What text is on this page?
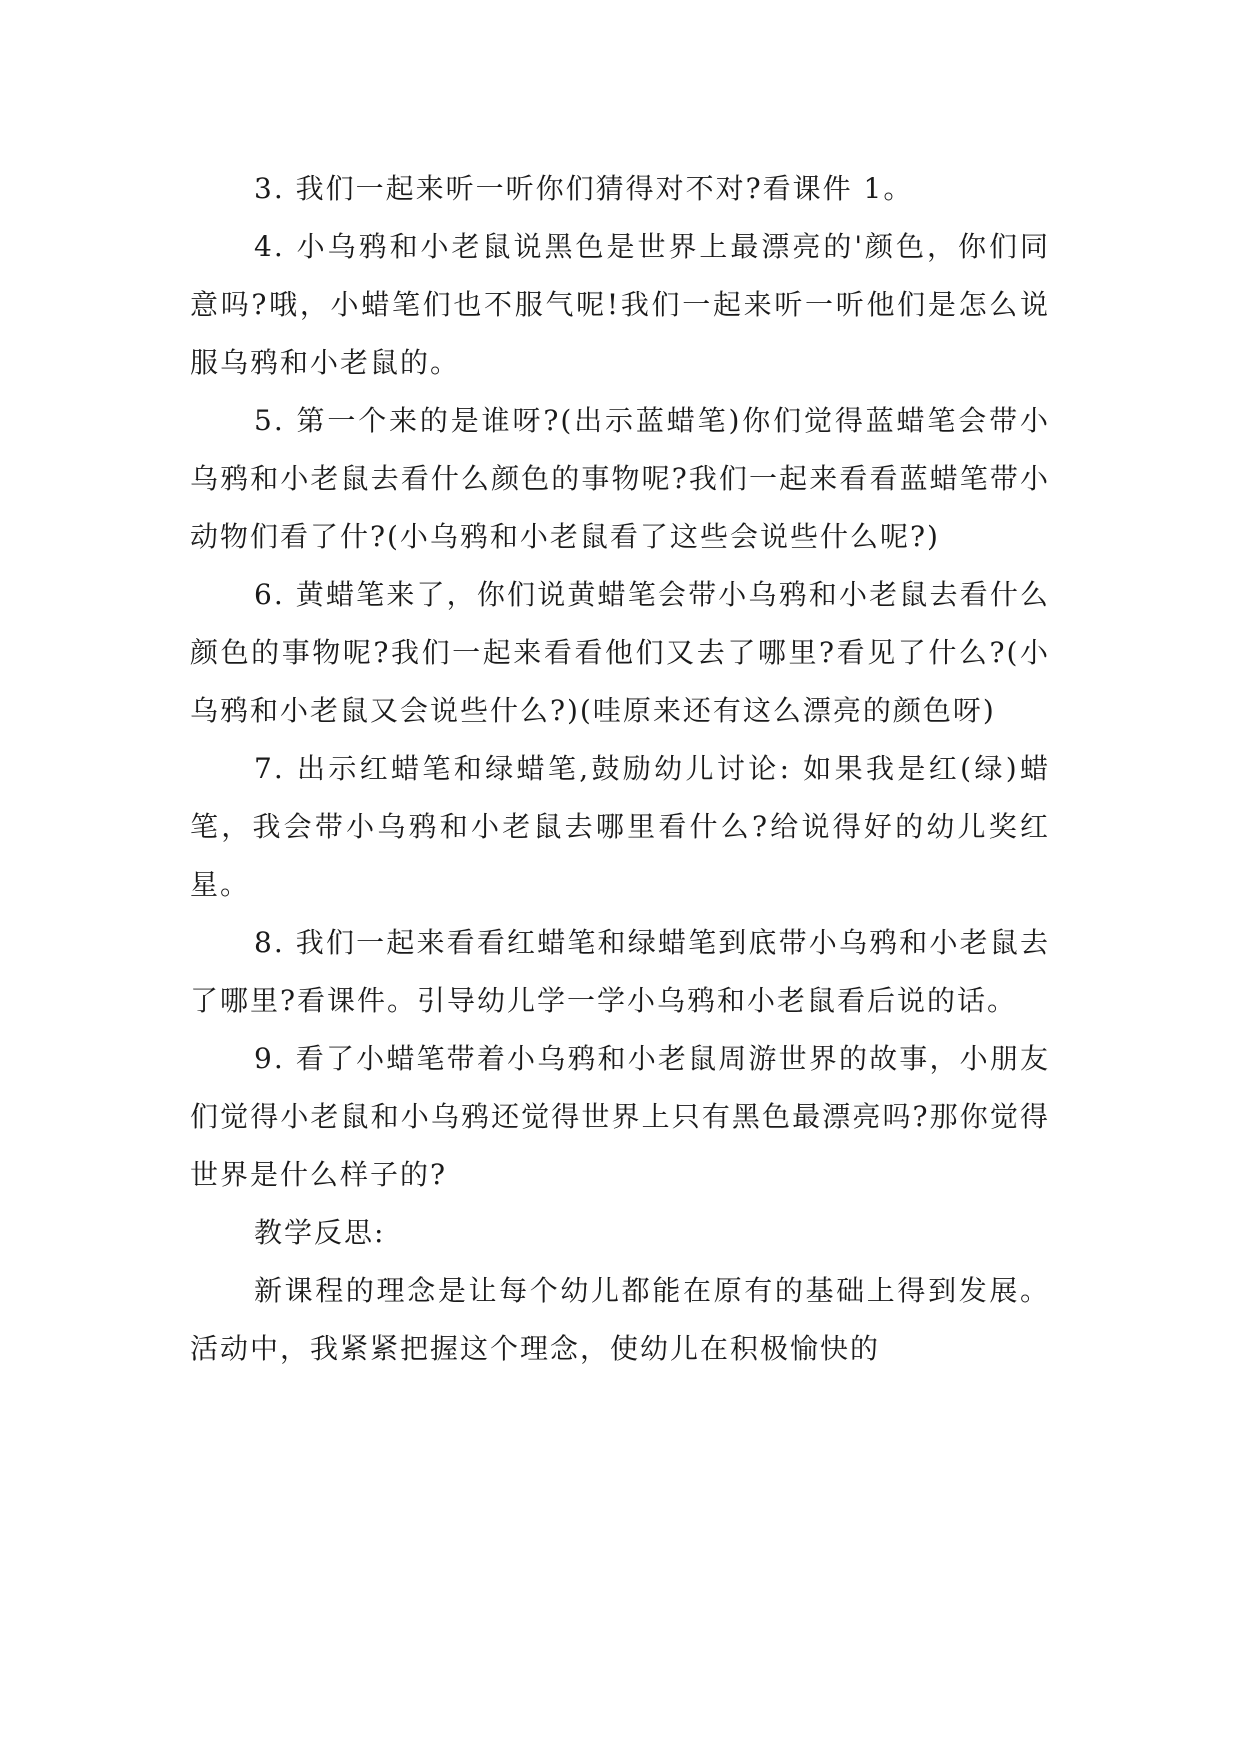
3. 我们一起来听一听你们猜得对不对?看课件 1。

4. 小乌鸦和小老鼠说黑色是世界上最漂亮的'颜色，你们同意吗?哦，小蜡笔们也不服气呢!我们一起来听一听他们是怎么说服乌鸦和小老鼠的。

5. 第一个来的是谁呀?(出示蓝蜡笔)你们觉得蓝蜡笔会带小乌鸦和小老鼠去看什么颜色的事物呢?我们一起来看看蓝蜡笔带小动物们看了什?(小乌鸦和小老鼠看了这些会说些什么呢?)

6. 黄蜡笔来了，你们说黄蜡笔会带小乌鸦和小老鼠去看什么颜色的事物呢?我们一起来看看他们又去了哪里?看见了什么?(小乌鸦和小老鼠又会说些什么?)(哇原来还有这么漂亮的颜色呀)

7. 出示红蜡笔和绿蜡笔,鼓励幼儿讨论: 如果我是红(绿)蜡笔，我会带小乌鸦和小老鼠去哪里看什么?给说得好的幼儿奖红星。

8. 我们一起来看看红蜡笔和绿蜡笔到底带小乌鸦和小老鼠去了哪里?看课件。引导幼儿学一学小乌鸦和小老鼠看后说的话。

9. 看了小蜡笔带着小乌鸦和小老鼠周游世界的故事，小朋友们觉得小老鼠和小乌鸦还觉得世界上只有黑色最漂亮吗?那你觉得世界是什么样子的?

教学反思:

新课程的理念是让每个幼儿都能在原有的基础上得到发展。活动中，我紧紧把握这个理念，使幼儿在积极愉快的
